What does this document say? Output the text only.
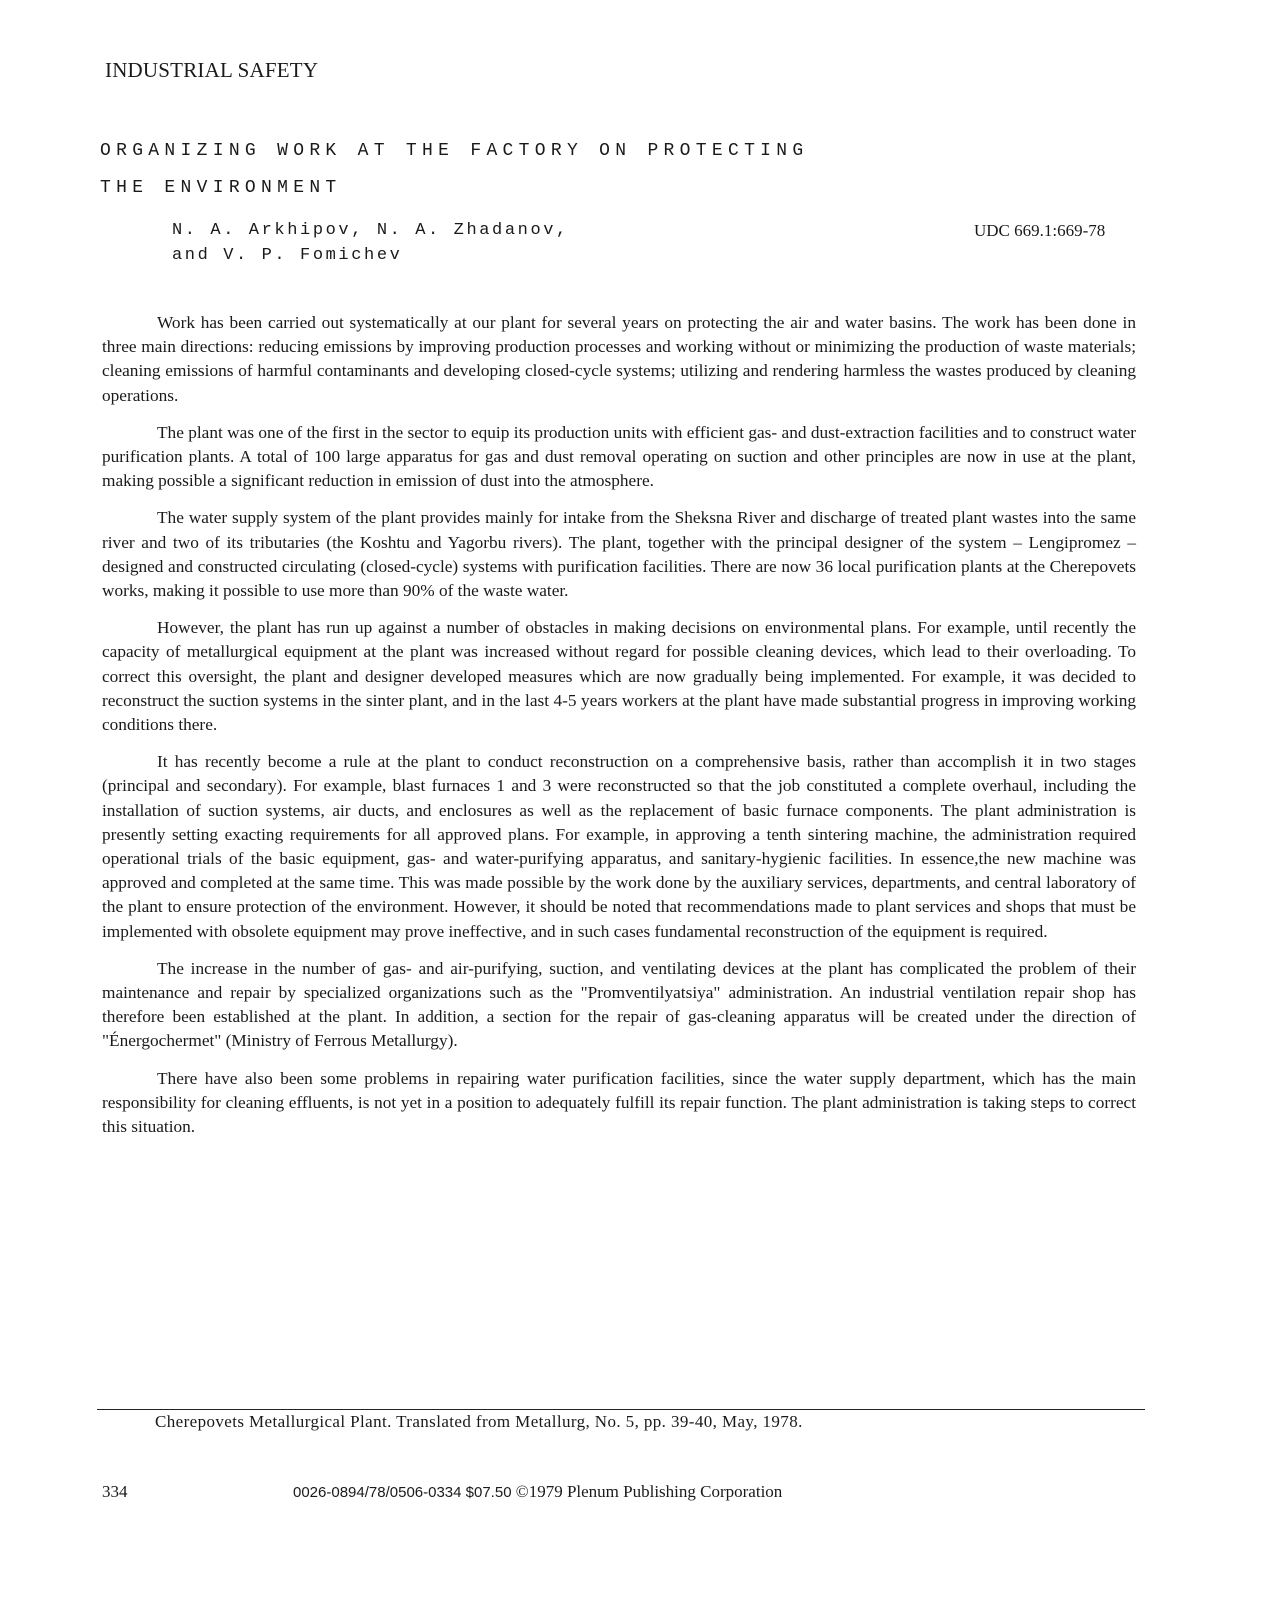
INDUSTRIAL SAFETY
ORGANIZING WORK AT THE FACTORY ON PROTECTING
THE ENVIRONMENT
N. A. Arkhipov, N. A. Zhadanov,
and V. P. Fomichev
UDC 669.1:669-78

Work has been carried out systematically at our plant for several years on protecting the air and water basins. The work has been done in three main directions: reducing emissions by improving production processes and working without or minimizing the production of waste materials; cleaning emissions of harmful contaminants and developing closed-cycle systems; utilizing and rendering harmless the wastes produced by cleaning operations.

The plant was one of the first in the sector to equip its production units with efficient gas- and dust-extraction facilities and to construct water purification plants. A total of 100 large apparatus for gas and dust removal operating on suction and other principles are now in use at the plant, making possible a significant reduction in emission of dust into the atmosphere.

The water supply system of the plant provides mainly for intake from the Sheksna River and discharge of treated plant wastes into the same river and two of its tributaries (the Koshtu and Yagorbu rivers). The plant, together with the principal designer of the system – Lengipromez – designed and constructed circulating (closed-cycle) systems with purification facilities. There are now 36 local purification plants at the Cherepovets works, making it possible to use more than 90% of the waste water.

However, the plant has run up against a number of obstacles in making decisions on environmental plans. For example, until recently the capacity of metallurgical equipment at the plant was increased without regard for possible cleaning devices, which lead to their overloading. To correct this oversight, the plant and designer developed measures which are now gradually being implemented. For example, it was decided to reconstruct the suction systems in the sinter plant, and in the last 4-5 years workers at the plant have made substantial progress in improving working conditions there.

It has recently become a rule at the plant to conduct reconstruction on a comprehensive basis, rather than accomplish it in two stages (principal and secondary). For example, blast furnaces 1 and 3 were reconstructed so that the job constituted a complete overhaul, including the installation of suction systems, air ducts, and enclosures as well as the replacement of basic furnace components. The plant administration is presently setting exacting requirements for all approved plans. For example, in approving a tenth sintering machine, the administration required operational trials of the basic equipment, gas- and water-purifying apparatus, and sanitary-hygienic facilities. In essence,the new machine was approved and completed at the same time. This was made possible by the work done by the auxiliary services, departments, and central laboratory of the plant to ensure protection of the environment. However, it should be noted that recommendations made to plant services and shops that must be implemented with obsolete equipment may prove ineffective, and in such cases fundamental reconstruction of the equipment is required.

The increase in the number of gas- and air-purifying, suction, and ventilating devices at the plant has complicated the problem of their maintenance and repair by specialized organizations such as the "Promventilyatsiya" administration. An industrial ventilation repair shop has therefore been established at the plant. In addition, a section for the repair of gas-cleaning apparatus will be created under the direction of "Énergochermet" (Ministry of Ferrous Metallurgy).

There have also been some problems in repairing water purification facilities, since the water supply department, which has the main responsibility for cleaning effluents, is not yet in a position to adequately fulfill its repair function. The plant administration is taking steps to correct this situation.

Cherepovets Metallurgical Plant. Translated from Metallurg, No. 5, pp. 39-40, May, 1978.
334	0026-0894/78/0506-0334 $07.50 ©1979 Plenum Publishing Corporation
